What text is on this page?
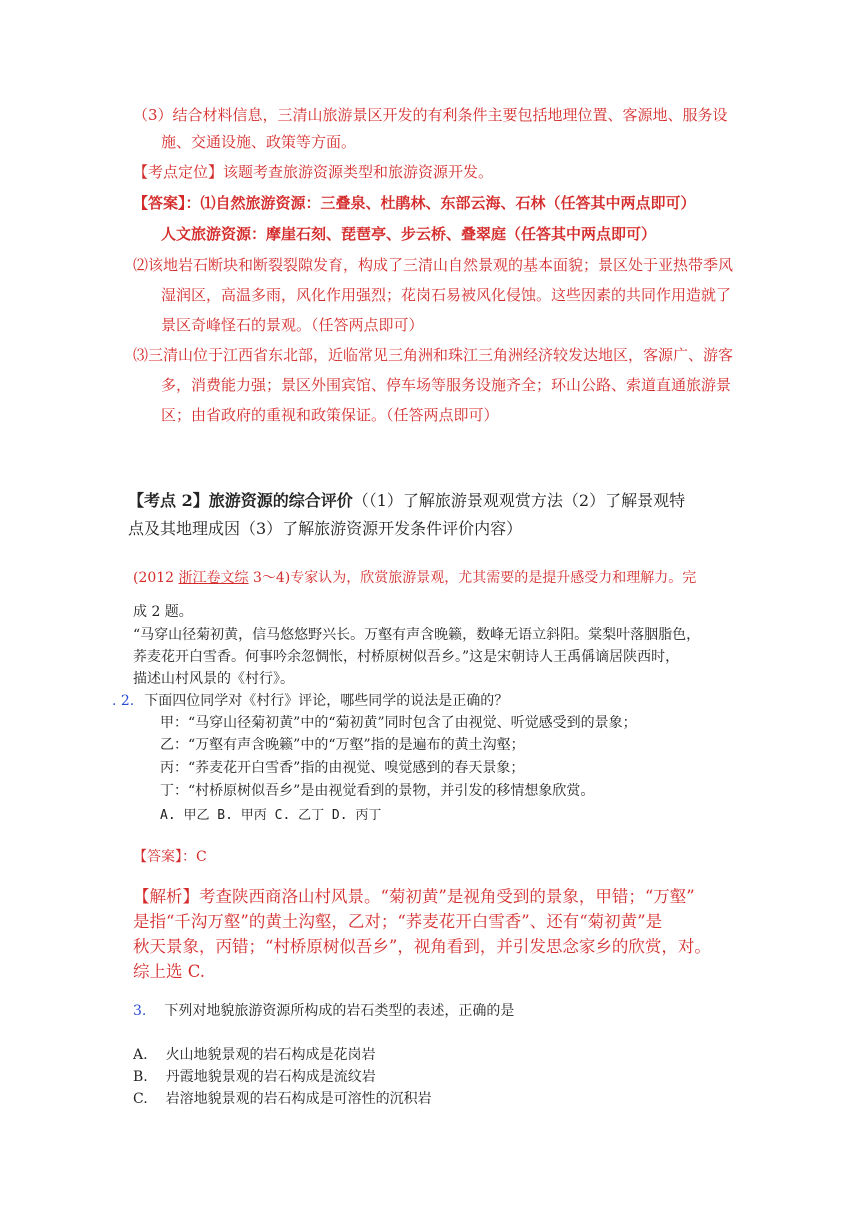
（3）结合材料信息，三清山旅游景区开发的有利条件主要包括地理位置、客源地、服务设

施、交通设施、政策等方面。

【考点定位】该题考查旅游资源类型和旅游资源开发。

【答案】：⑴自然旅游资源：三叠泉、杜鹃林、东部云海、石林（任答其中两点即可）

人文旅游资源：摩崖石刻、琵琶亭、步云桥、叠翠庭（任答其中两点即可）

⑵该地岩石断块和断裂裂隙发育，构成了三清山自然景观的基本面貌；景区处于亚热带季风

湿润区，高温多雨，风化作用强烈；花岗石易被风化侵蚀。这些因素的共同作用造就了

景区奇峰怪石的景观。（任答两点即可）

⑶三清山位于江西省东北部，近临常见三角洲和珠江三角洲经济较发达地区，客源广、游客

多，消费能力强；景区外围宾馆、停车场等服务设施齐全；环山公路、索道直通旅游景

区；由省政府的重视和政策保证。（任答两点即可）

【考点 2】旅游资源的综合评价（（1）了解旅游景观观赏方法（2）了解景观特

点及其地理成因（3）了解旅游资源开发条件评价内容）

(2012 浙江卷文综 3～4)专家认为，欣赏旅游景观，尤其需要的是提升感受力和理解力。完

成 2 题。

“马穿山径菊初黄，信马悠悠野兴长。万壑有声含晚籁，数峰无语立斜阳。棠梨叶落胭脂色，

荞麦花开白雪香。何事吟余忽惆怅，村桥原树似吾乡。”这是宋朝诗人王禹偁谪居陕西时，

描述山村风景的《村行》。

. 2. 下面四位同学对《村行》评论，哪些同学的说法是正确的？

甲：“马穿山径菊初黄”中的“菊初黄”同时包含了由视觉、听觉感受到的景象；

乙：“万壑有声含晚籁”中的“万壑”指的是遍布的黄土沟壑；

丙：“荞麦花开白雪香”指的由视觉、嗅觉感到的春天景象；

丁：“村桥原树似吾乡”是由视觉看到的景物，并引发的移情想象欣赏。

A. 甲乙 B. 甲丙 C. 乙丁 D. 丙丁

【答案】：C

【解析】考查陕西商洛山村风景。“菊初黄”是视角受到的景象，甲错；“万壑”

是指“千沟万壑”的黄土沟壑，乙对；“荞麦花开白雪香”、还有“菊初黄”是

秋天景象，丙错；“村桥原树似吾乡”，视角看到，并引发思念家乡的欣赏，对。

综上选 C.

3. 下列对地貌旅游资源所构成的岩石类型的表述，正确的是

A. 火山地貌景观的岩石构成是花岗岩

B. 丹霞地貌景观的岩石构成是流纹岩

C. 岩溶地貌景观的岩石构成是可溶性的沉积岩
